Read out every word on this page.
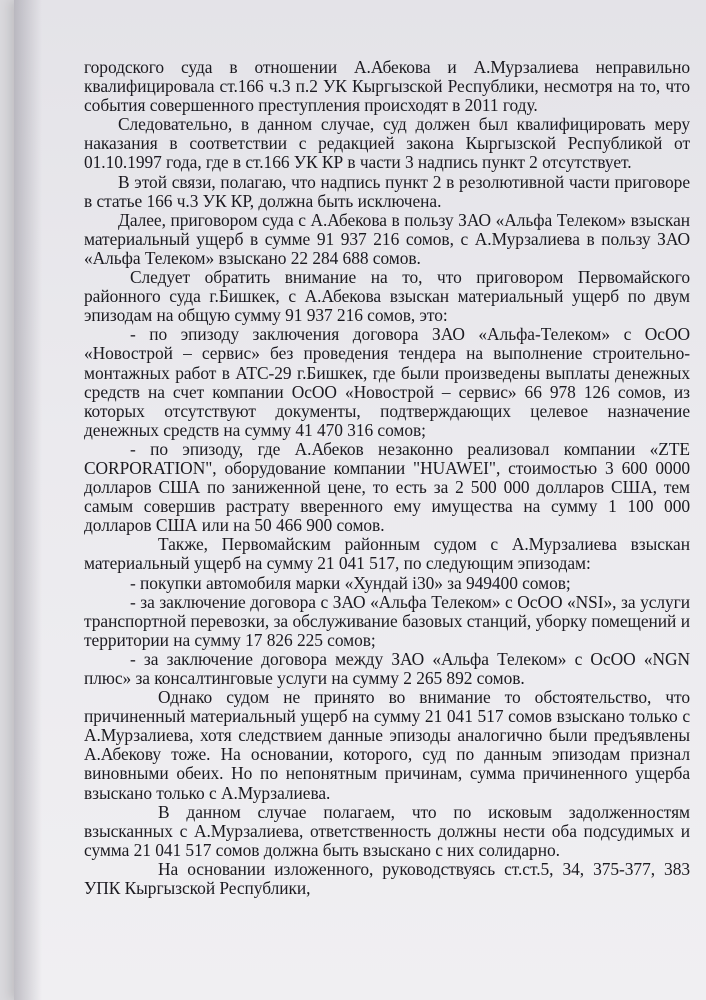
городского суда в отношении А.Абекова и А.Мурзалиева неправильно квалифицировала ст.166 ч.3 п.2 УК Кыргызской Республики, несмотря на то, что события совершенного преступления происходят в 2011 году.

Следовательно, в данном случае, суд должен был квалифицировать меру наказания в соответствии с редакцией закона Кыргызской Республикой от 01.10.1997 года, где в ст.166 УК КР в части 3 надпись пункт 2 отсутствует.

В этой связи, полагаю, что надпись пункт 2 в резолютивной части приговоре в статье 166 ч.3 УК КР, должна быть исключена.

Далее, приговором суда с А.Абекова в пользу ЗАО «Альфа Телеком» взыскан материальный ущерб в сумме 91 937 216 сомов, с А.Мурзалиева в пользу ЗАО «Альфа Телеком» взыскано 22 284 688 сомов.

Следует обратить внимание на то, что приговором Первомайского районного суда г.Бишкек, с А.Абекова взыскан материальный ущерб по двум эпизодам на общую сумму 91 937 216 сомов, это:

- по эпизоду заключения договора ЗАО «Альфа-Телеком» с ОсОО «Новострой – сервис» без проведения тендера на выполнение строительно-монтажных работ в АТС-29 г.Бишкек, где были произведены выплаты денежных средств на счет компании ОсОО «Новострой – сервис» 66 978 126 сомов, из которых отсутствуют документы, подтверждающих целевое назначение денежных средств на сумму 41 470 316 сомов;

- по эпизоду, где А.Абеков незаконно реализовал компании «ZTE CORPORATION", оборудование компании "HUAWEI", стоимостью 3 600 0000 долларов США по заниженной цене, то есть за 2 500 000 долларов США, тем самым совершив растрату вверенного ему имущества на сумму 1 100 000 долларов США или на 50 466 900 сомов.

Также, Первомайским районным судом с А.Мурзалиева взыскан материальный ущерб на сумму 21 041 517, по следующим эпизодам:

- покупки автомобиля марки «Хундай i30» за 949400 сомов;

- за заключение договора с ЗАО «Альфа Телеком» с ОсОО «NSI», за услуги транспортной перевозки, за обслуживание базовых станций, уборку помещений и территории на сумму 17 826 225 сомов;

- за заключение договора между ЗАО «Альфа Телеком» с ОсОО «NGN плюс» за консалтинговые услуги на сумму 2 265 892 сомов.

Однако судом не принято во внимание то обстоятельство, что причиненный материальный ущерб на сумму 21 041 517 сомов взыскано только с А.Мурзалиева, хотя следствием данные эпизоды аналогично были предъявлены А.Абекову тоже. На основании, которого, суд по данным эпизодам признал виновными обеих. Но по непонятным причинам, сумма причиненного ущерба взыскано только с А.Мурзалиева.

В данном случае полагаем, что по исковым задолженностям взысканных с А.Мурзалиева, ответственность должны нести оба подсудимых и сумма 21 041 517 сомов должна быть взыскано с них солидарно.

На основании изложенного, руководствуясь ст.ст.5, 34, 375-377, 383 УПК Кыргызской Республики,
